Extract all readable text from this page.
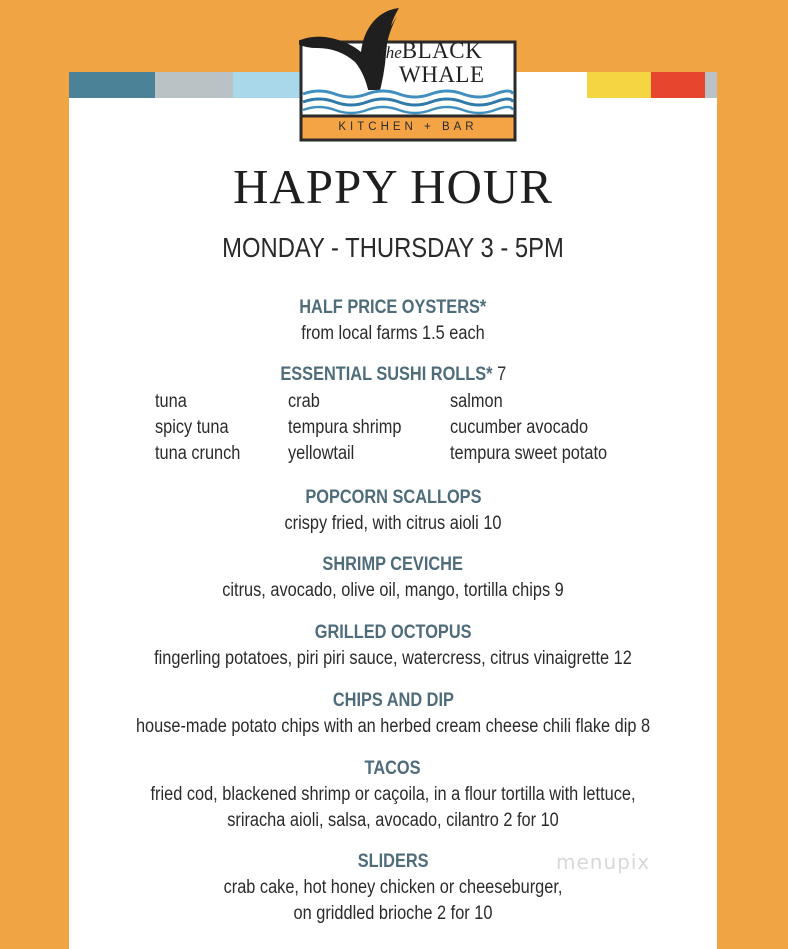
theBLACK
WHALE
KITCHEN + BAR
HAPPY HOUR
MONDAY - THURSDAY 3 - 5PM
HALF PRICE OYSTERS*
from local farms 1.5 each
ESSENTIAL SUSHI ROLLS* 7
tuna	crab	salmon
spicy tuna	tempura shrimp	cucumber avocado
tuna crunch	yellowtail	tempura sweet potato
POPCORN SCALLOPS
crispy fried, with citrus aioli 10
SHRIMP CEVICHE
citrus, avocado, olive oil, mango, tortilla chips 9
GRILLED OCTOPUS
fingerling potatoes, piri piri sauce, watercress, citrus vinaigrette 12
CHIPS AND DIP
house-made potato chips with an herbed cream cheese chili flake dip 8
TACOS
fried cod, blackened shrimp or caçoila, in a flour tortilla with lettuce,
sriracha aioli, salsa, avocado, cilantro 2 for 10
SLIDERS
crab cake, hot honey chicken or cheeseburger,
on griddled brioche 2 for 10
menupix
